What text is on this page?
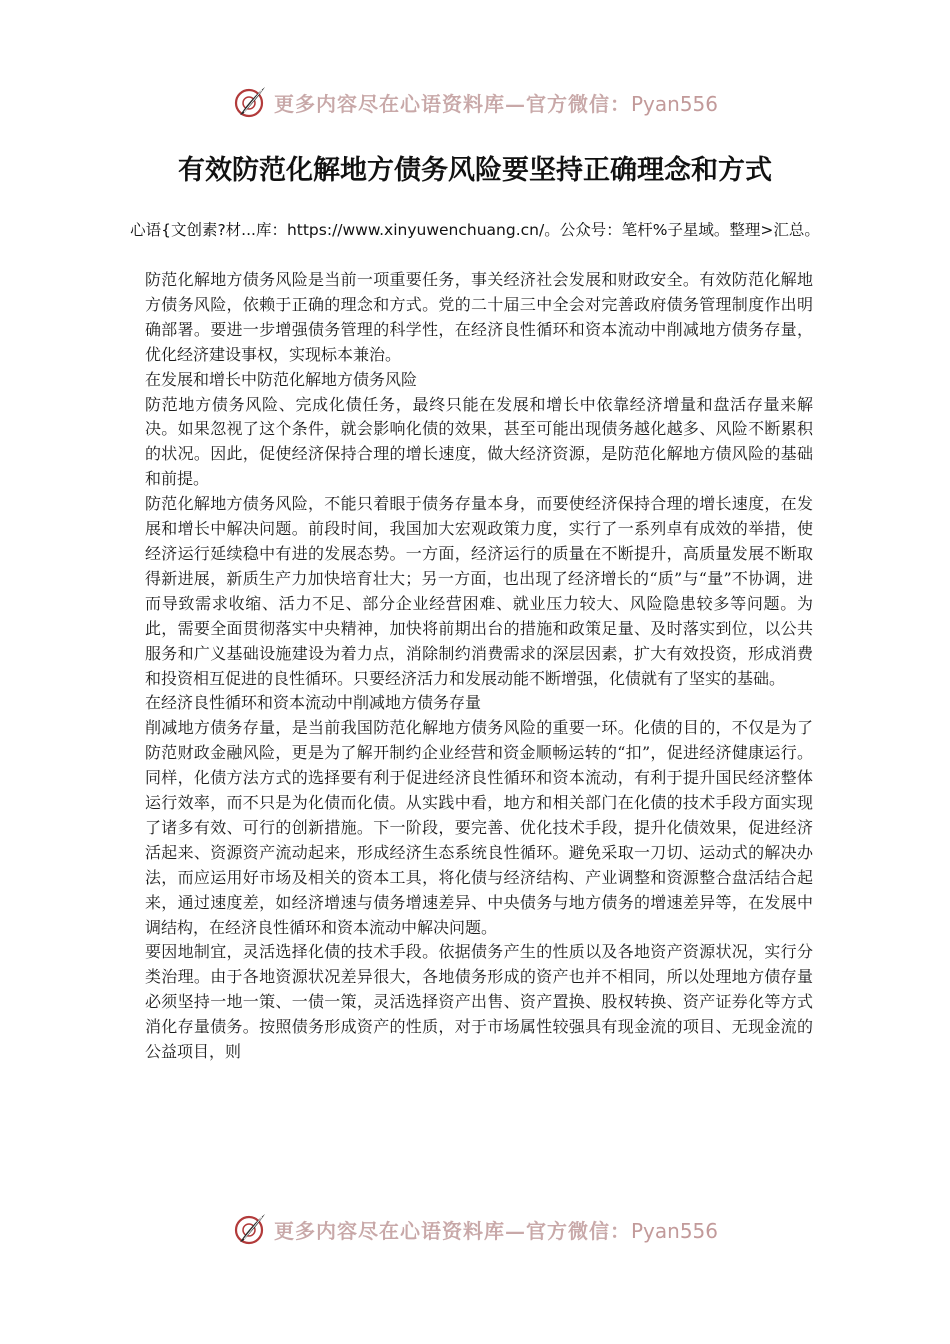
更多内容尽在心语资料库—官方微信：Pyan556
有效防范化解地方债务风险要坚持正确理念和方式

心语{文创素?材...库：https://www.xinyuwenchuang.cn/。公众号：笔杆%子星域。整理>汇总。

防范化解地方债务风险是当前一项重要任务，事关经济社会发展和财政安全。有效防范化解地方债务风险，依赖于正确的理念和方式。党的二十届三中全会对完善政府债务管理制度作出明确部署。要进一步增强债务管理的科学性，在经济良性循环和资本流动中削减地方债务存量，优化经济建设事权，实现标本兼治。

在发展和增长中防范化解地方债务风险

防范地方债务风险、完成化债任务，最终只能在发展和增长中依靠经济增量和盘活存量来解决。如果忽视了这个条件，就会影响化债的效果，甚至可能出现债务越化越多、风险不断累积的状况。因此，促使经济保持合理的增长速度，做大经济资源，是防范化解地方债风险的基础和前提。

防范化解地方债务风险，不能只着眼于债务存量本身，而要使经济保持合理的增长速度，在发展和增长中解决问题。前段时间，我国加大宏观政策力度，实行了一系列卓有成效的举措，使经济运行延续稳中有进的发展态势。一方面，经济运行的质量在不断提升，高质量发展不断取得新进展，新质生产力加快培育壮大；另一方面，也出现了经济增长的“质”与“量”不协调，进而导致需求收缩、活力不足、部分企业经营困难、就业压力较大、风险隐患较多等问题。为此，需要全面贯彻落实中央精神，加快将前期出台的措施和政策足量、及时落实到位，以公共服务和广义基础设施建设为着力点，消除制约消费需求的深层因素，扩大有效投资，形成消费和投资相互促进的良性循环。只要经济活力和发展动能不断增强，化债就有了坚实的基础。

在经济良性循环和资本流动中削减地方债务存量

削减地方债务存量，是当前我国防范化解地方债务风险的重要一环。化债的目的，不仅是为了防范财政金融风险，更是为了解开制约企业经营和资金顺畅运转的“扣”，促进经济健康运行。同样，化债方法方式的选择要有利于促进经济良性循环和资本流动，有利于提升国民经济整体运行效率，而不只是为化债而化债。从实践中看，地方和相关部门在化债的技术手段方面实现了诸多有效、可行的创新措施。下一阶段，要完善、优化技术手段，提升化债效果，促进经济活起来、资源资产流动起来，形成经济生态系统良性循环。避免采取一刀切、运动式的解决办法，而应运用好市场及相关的资本工具，将化债与经济结构、产业调整和资源整合盘活结合起来，通过速度差，如经济增速与债务增速差异、中央债务与地方债务的增速差异等，在发展中调结构，在经济良性循环和资本流动中解决问题。

要因地制宜，灵活选择化债的技术手段。依据债务产生的性质以及各地资产资源状况，实行分类治理。由于各地资源状况差异很大，各地债务形成的资产也并不相同，所以处理地方债存量必须坚持一地一策、一债一策，灵活选择资产出售、资产置换、股权转换、资产证券化等方式消化存量债务。按照债务形成资产的性质，对于市场属性较强具有现金流的项目、无现金流的公益项目，则

更多内容尽在心语资料库—官方微信：Pyan556
